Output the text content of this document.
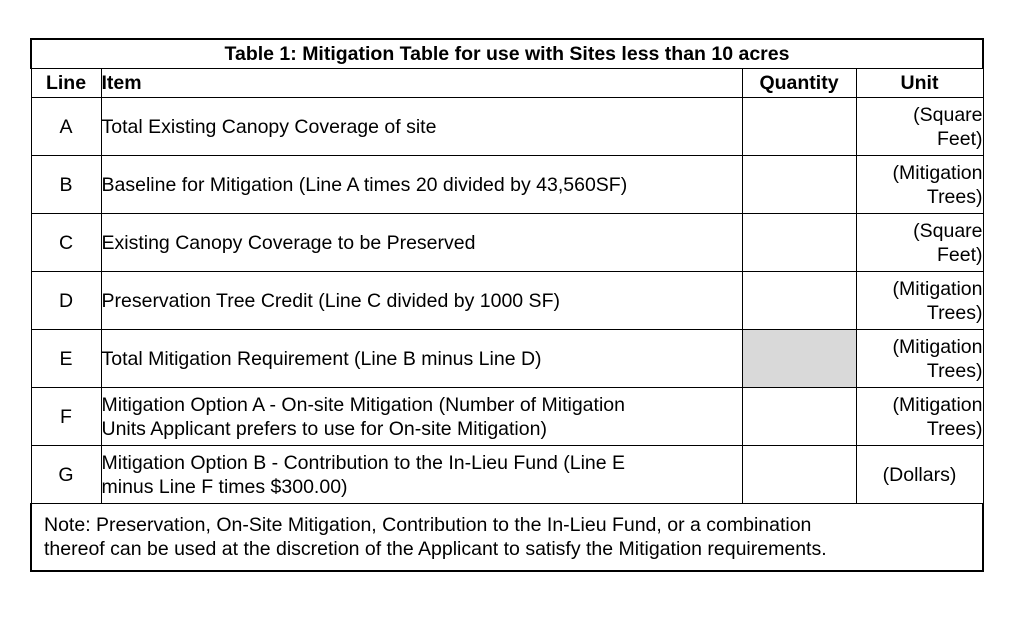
Table 1: Mitigation Table for use with Sites less than 10 acres			
Line	Item	Quantity	Unit
A	Total Existing Canopy Coverage of site		(Square
Feet)

B	Baseline for Mitigation (Line A times 20 divided by 43,560SF)		(Mitigation
Trees)

C	Existing Canopy Coverage to be Preserved		(Square
Feet)

D	Preservation Tree Credit (Line C divided by 1000 SF)		(Mitigation
Trees)

E	Total Mitigation Requirement (Line B minus Line D)		(Mitigation
Trees)

F	Mitigation Option A - On-site Mitigation (Number of Mitigation
Units Applicant prefers to use for On-site Mitigation)		(Mitigation
Trees)

G	Mitigation Option B - Contribution to the In-Lieu Fund (Line E
minus Line F times $300.00)		(Dollars)

Note: Preservation, On-Site Mitigation, Contribution to the In-Lieu Fund, or a combination
thereof can be used at the discretion of the Applicant to satisfy the Mitigation requirements.			
